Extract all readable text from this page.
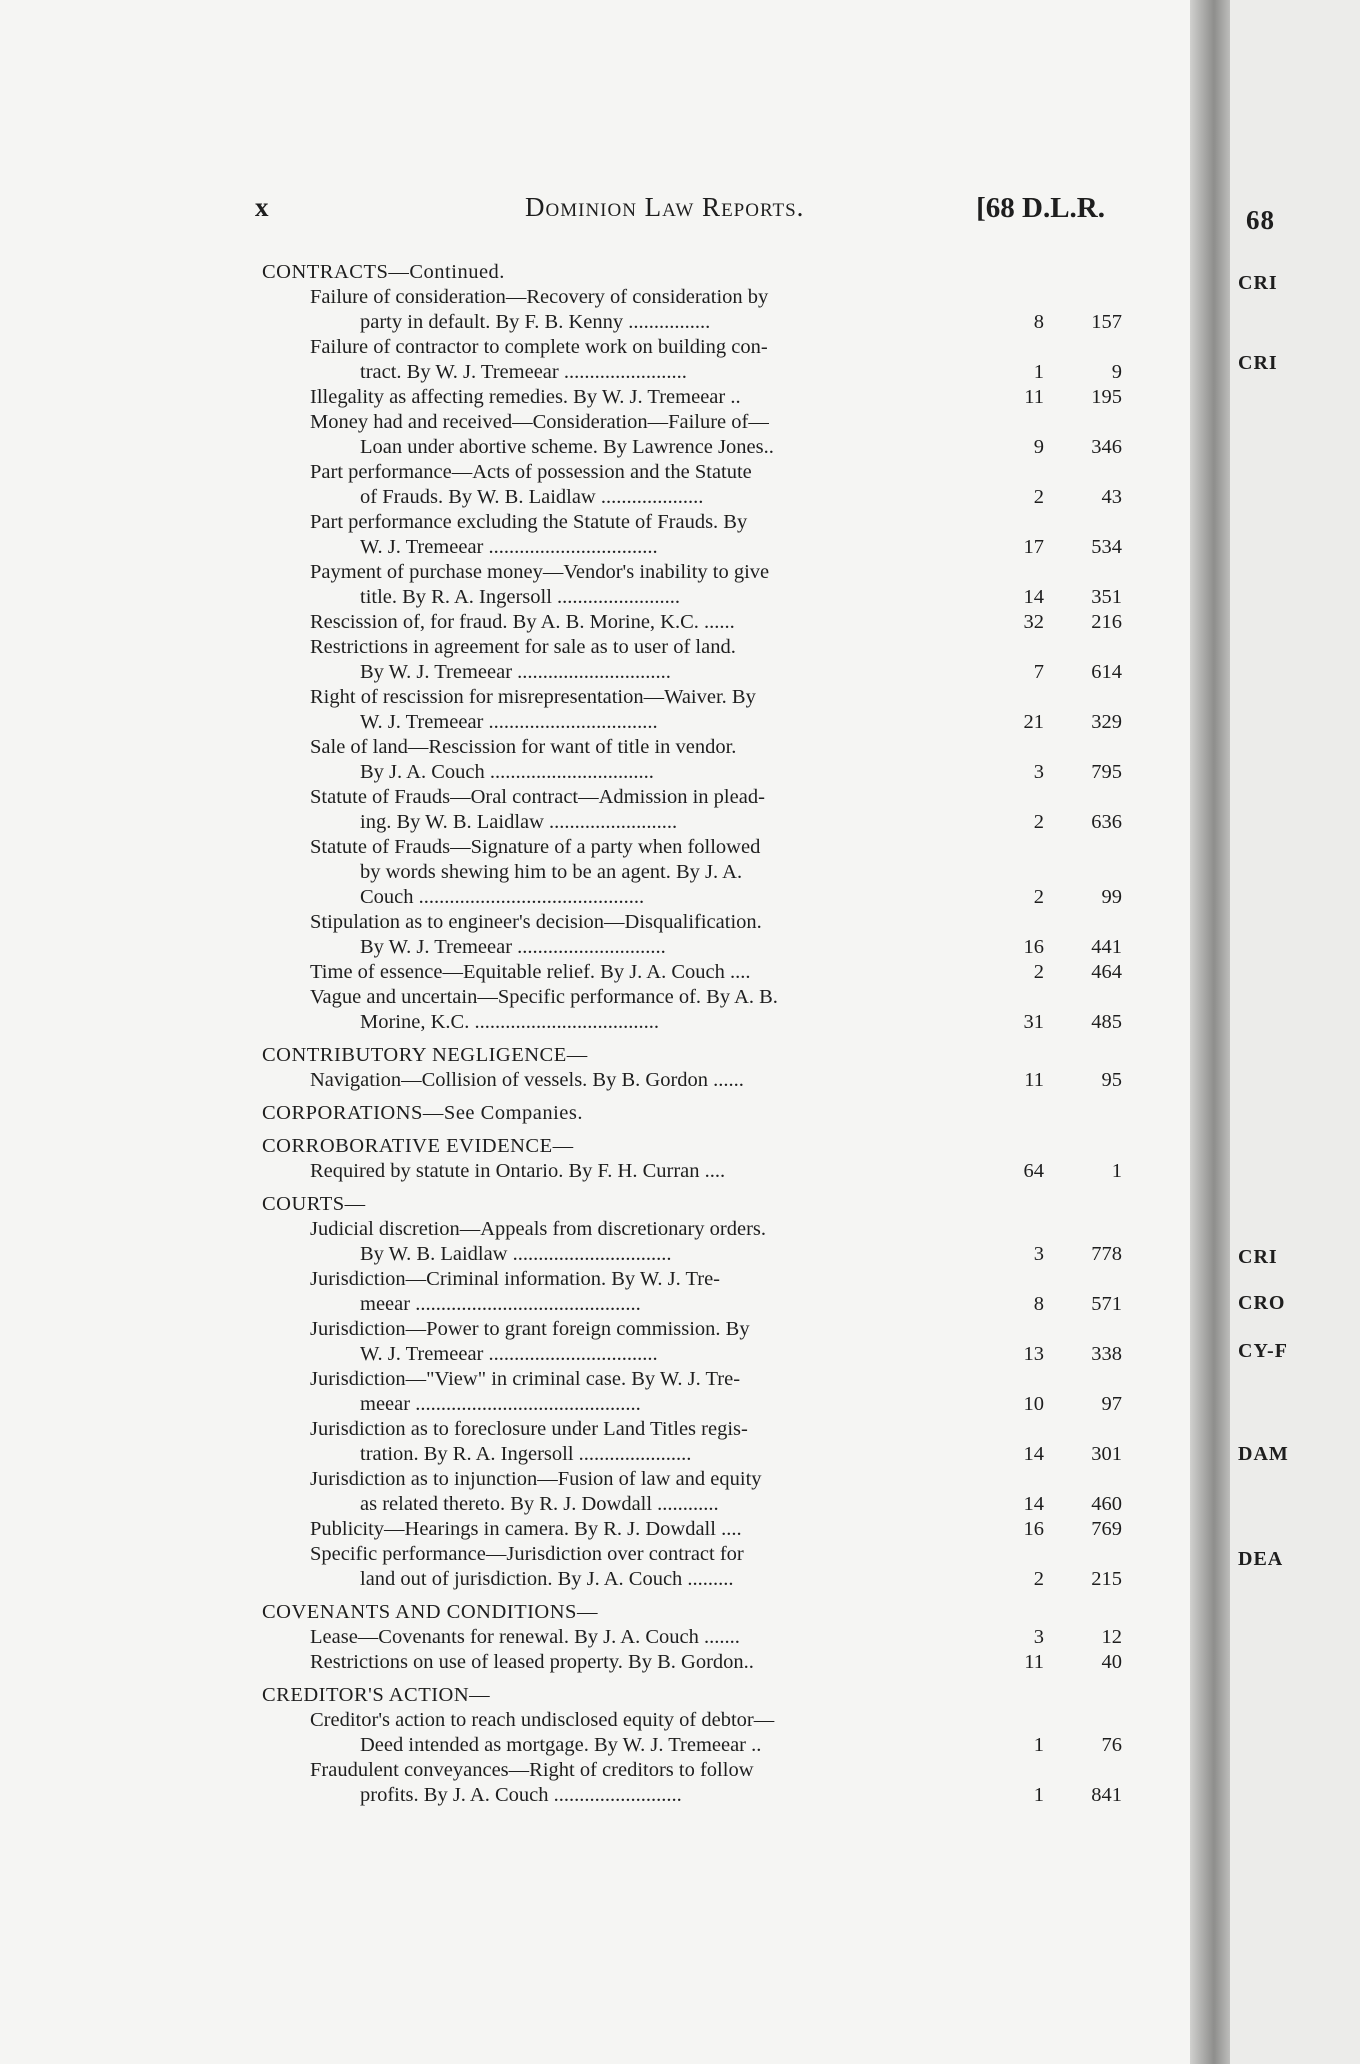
x	Dominion Law Reports.	[68 D.L.R.
CONTRACTS—Continued.
Failure of consideration—Recovery of consideration by
party in default. By F. B. Kenny ................	8	157
Failure of contractor to complete work on building con-
tract. By W. J. Tremeear ........................	1	9
Illegality as affecting remedies. By W. J. Tremeear ..	11	195
Money had and received—Consideration—Failure of—
Loan under abortive scheme. By Lawrence Jones..	9	346
Part performance—Acts of possession and the Statute
of Frauds. By W. B. Laidlaw ....................	2	43
Part performance excluding the Statute of Frauds. By
W. J. Tremeear .................................	17	534
Payment of purchase money—Vendor's inability to give
title. By R. A. Ingersoll ........................	14	351
Rescission of, for fraud. By A. B. Morine, K.C. ......	32	216
Restrictions in agreement for sale as to user of land.
By W. J. Tremeear ..............................	7	614
Right of rescission for misrepresentation—Waiver. By
W. J. Tremeear .................................	21	329
Sale of land—Rescission for want of title in vendor.
By J. A. Couch ................................	3	795
Statute of Frauds—Oral contract—Admission in plead-
ing. By W. B. Laidlaw .........................	2	636
Statute of Frauds—Signature of a party when followed
by words shewing him to be an agent. By J. A.
Couch ............................................	2	99
Stipulation as to engineer's decision—Disqualification.
By W. J. Tremeear .............................	16	441
Time of essence—Equitable relief. By J. A. Couch ....	2	464
Vague and uncertain—Specific performance of. By A. B.
Morine, K.C. ....................................	31	485
CONTRIBUTORY NEGLIGENCE—
Navigation—Collision of vessels. By B. Gordon ......	11	95
CORPORATIONS—See Companies.
CORROBORATIVE EVIDENCE—
Required by statute in Ontario. By F. H. Curran ....	64	1
COURTS—
Judicial discretion—Appeals from discretionary orders.
By W. B. Laidlaw ...............................	3	778
Jurisdiction—Criminal information. By W. J. Tre-
meear ............................................	8	571
Jurisdiction—Power to grant foreign commission. By
W. J. Tremeear .................................	13	338
Jurisdiction—"View" in criminal case. By W. J. Tre-
meear ............................................	10	97
Jurisdiction as to foreclosure under Land Titles regis-
tration. By R. A. Ingersoll ......................	14	301
Jurisdiction as to injunction—Fusion of law and equity
as related thereto. By R. J. Dowdall ............	14	460
Publicity—Hearings in camera. By R. J. Dowdall ....	16	769
Specific performance—Jurisdiction over contract for
land out of jurisdiction. By J. A. Couch .........	2	215
COVENANTS AND CONDITIONS—
Lease—Covenants for renewal. By J. A. Couch .......	3	12
Restrictions on use of leased property. By B. Gordon..	11	40
CREDITOR'S ACTION—
Creditor's action to reach undisclosed equity of debtor—
Deed intended as mortgage. By W. J. Tremeear ..	1	76
Fraudulent conveyances—Right of creditors to follow
profits. By J. A. Couch .........................	1	841
68
CRI
CRI
CRI
CRO
CY-F
DAM
DEA
